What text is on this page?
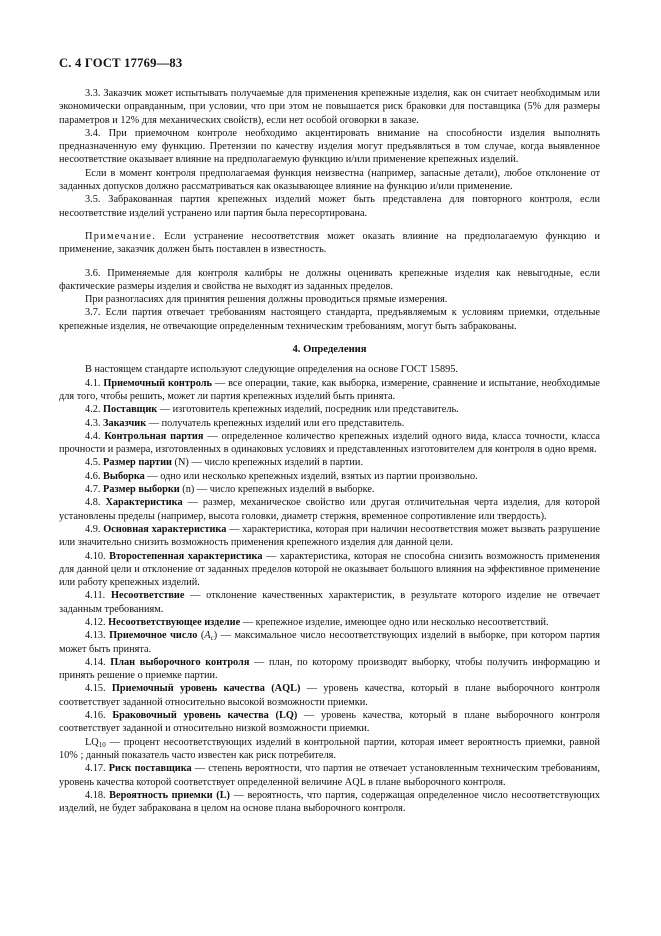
С. 4 ГОСТ 17769—83

3.3. Заказчик может испытывать получаемые для применения крепежные изделия, как он считает необходимым или экономически оправданным, при условии, что при этом не повышается риск браковки для поставщика (5% для размеры параметров и 12% для механических свойств), если нет особой оговорки в заказе.

3.4. При приемочном контроле необходимо акцентировать внимание на способности изделия выполнять предназначенную ему функцию. Претензии по качеству изделия могут предъявляться в том случае, когда выявленное несоответствие оказывает влияние на предполагаемую функцию и/или применение крепежных изделий.

Если в момент контроля предполагаемая функция неизвестна (например, запасные детали), любое отклонение от заданных допусков должно рассматриваться как оказывающее влияние на функцию и/или применение.

3.5. Забракованная партия крепежных изделий может быть представлена для повторного контроля, если несоответствие изделий устранено или партия была пересортирована.

Примечание. Если устранение несоответствия может оказать влияние на предполагаемую функцию и применение, заказчик должен быть поставлен в известность.

3.6. Применяемые для контроля калибры не должны оценивать крепежные изделия как невыгодные, если фактические размеры изделия и свойства не выходят из заданных пределов.

При разногласиях для принятия решения должны проводиться прямые измерения.

3.7. Если партия отвечает требованиям настоящего стандарта, предъявляемым к условиям приемки, отдельные крепежные изделия, не отвечающие определенным техническим требованиям, могут быть забракованы.

4. Определения

В настоящем стандарте используют следующие определения на основе ГОСТ 15895.

4.1. Приемочный контроль — все операции, такие, как выборка, измерение, сравнение и испытание, необходимые для того, чтобы решить, может ли партия крепежных изделий быть принята.

4.2. Поставщик — изготовитель крепежных изделий, посредник или представитель.

4.3. Заказчик — получатель крепежных изделий или его представитель.

4.4. Контрольная партия — определенное количество крепежных изделий одного вида, класса точности, класса прочности и размера, изготовленных в одинаковых условиях и представленных изготовителем для контроля в одно время.

4.5. Размер партии (N) — число крепежных изделий в партии.

4.6. Выборка — одно или несколько крепежных изделий, взятых из партии произвольно.

4.7. Размер выборки (n) — число крепежных изделий в выборке.

4.8. Характеристика — размер, механическое свойство или другая отличительная черта изделия, для которой установлены пределы (например, высота головки, диаметр стержня, временное сопротивление или твердость).

4.9. Основная характеристика — характеристика, которая при наличии несоответствия может вызвать разрушение или значительно снизить возможность применения крепежного изделия для данной цели.

4.10. Второстепенная характеристика — характеристика, которая не способна снизить возможность применения для данной цели и отклонение от заданных пределов которой не оказывает большого влияния на эффективное применение или работу крепежных изделий.

4.11. Несоответствие — отклонение качественных характеристик, в результате которого изделие не отвечает заданным требованиям.

4.12. Несоответствующее изделие — крепежное изделие, имеющее одно или несколько несоответствий.

4.13. Приемочное число $(A_c)$ — максимальное число несоответствующих изделий в выборке, при котором партия может быть принята.

4.14. План выборочного контроля — план, по которому производят выборку, чтобы получить информацию и принять решение о приемке партии.

4.15. Приемочный уровень качества (AQL) — уровень качества, который в плане выборочного контроля соответствует заданной относительно высокой возможности приемки.

4.16. Браковочный уровень качества (LQ) — уровень качества, который в плане выборочного контроля соответствует заданной и относительно низкой возможности приемки.

$LQ_{10}$ — процент несоответствующих изделий в контрольной партии, которая имеет вероятность приемки, равной 10% ; данный показатель часто известен как риск потребителя.

4.17. Риск поставщика — степень вероятности, что партия не отвечает установленным техническим требованиям, уровень качества которой соответствует определенной величине AQL в плане выборочного контроля.

4.18. Вероятность приемки (L) — вероятность, что партия, содержащая определенное число несоответствующих изделий, не будет забракована в целом на основе плана выборочного контроля.
